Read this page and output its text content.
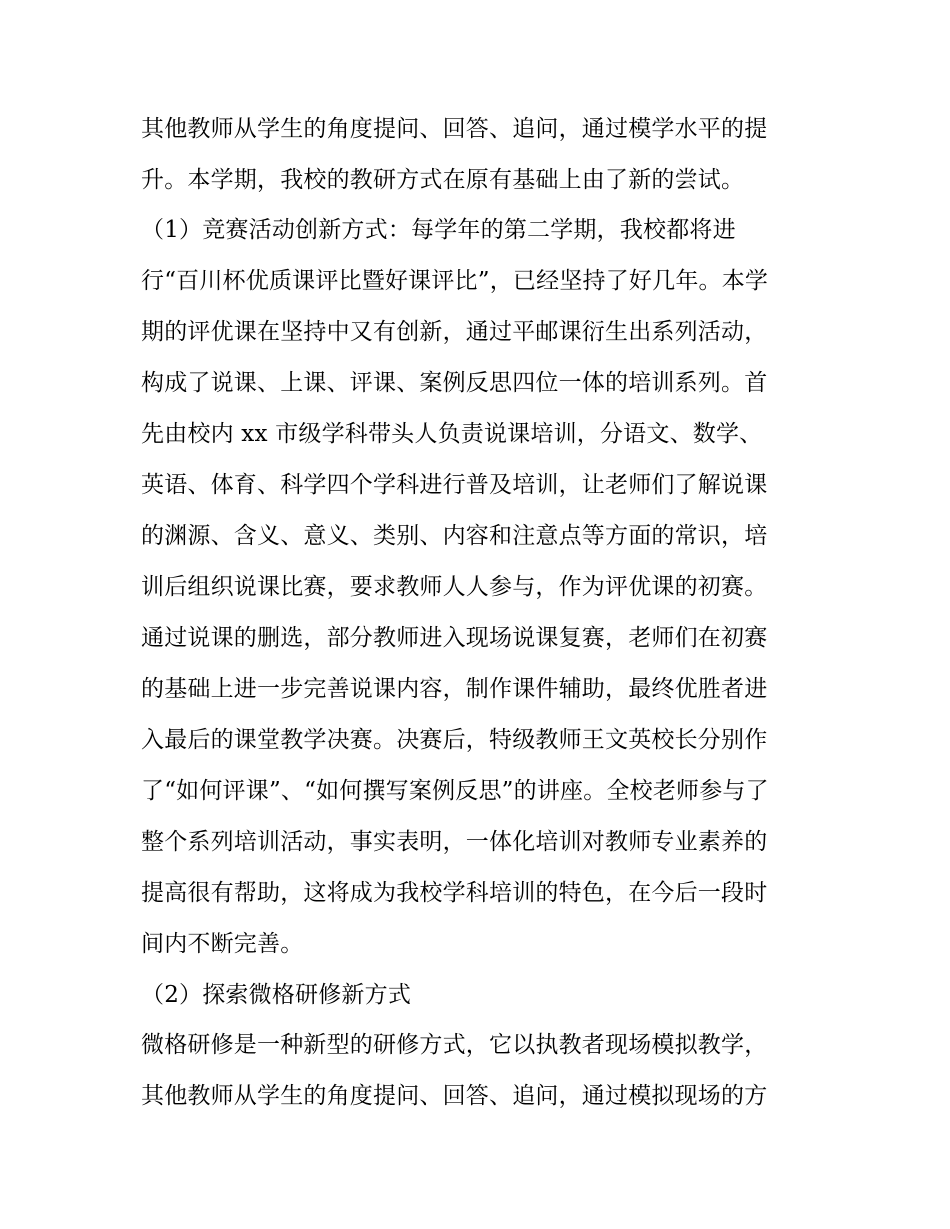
其他教师从学生的角度提问、回答、追问，通过模学水平的提
升。本学期，我校的教研方式在原有基础上由了新的尝试。
（1）竞赛活动创新方式：每学年的第二学期，我校都将进
行“百川杯优质课评比暨好课评比”，已经坚持了好几年。本学
期的评优课在坚持中又有创新，通过平邮课衍生出系列活动，
构成了说课、上课、评课、案例反思四位一体的培训系列。首
先由校内 xx 市级学科带头人负责说课培训，分语文、数学、
英语、体育、科学四个学科进行普及培训，让老师们了解说课
的渊源、含义、意义、类别、内容和注意点等方面的常识，培
训后组织说课比赛，要求教师人人参与，作为评优课的初赛。
通过说课的删选，部分教师进入现场说课复赛，老师们在初赛
的基础上进一步完善说课内容，制作课件辅助，最终优胜者进
入最后的课堂教学决赛。决赛后，特级教师王文英校长分别作
了“如何评课”、“如何撰写案例反思”的讲座。全校老师参与了
整个系列培训活动，事实表明，一体化培训对教师专业素养的
提高很有帮助，这将成为我校学科培训的特色，在今后一段时
间内不断完善。
（2）探索微格研修新方式
微格研修是一种新型的研修方式，它以执教者现场模拟教学，
其他教师从学生的角度提问、回答、追问，通过模拟现场的方
